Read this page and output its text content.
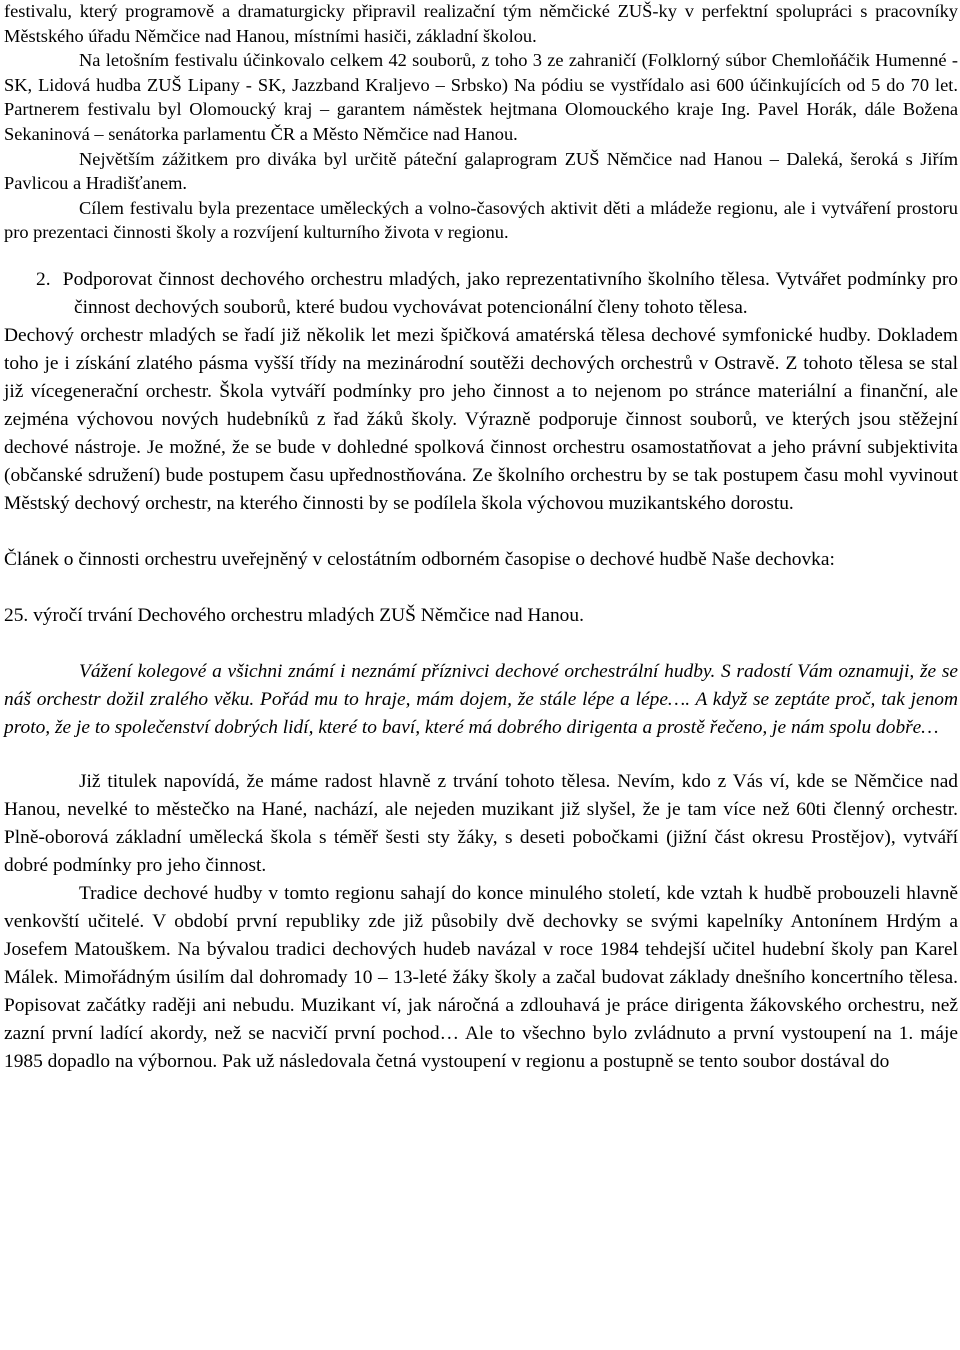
festivalu, který programově a dramaturgicky připravil realizační tým němčické ZUŠ-ky v perfektní spolupráci s pracovníky Městského úřadu Němčice nad Hanou, místními hasiči, základní školou.

Na letošním festivalu účinkovalo celkem 42 souborů, z toho 3 ze zahraničí (Folklorný súbor Chemloňáčik Humenné - SK, Lidová hudba ZUŠ Lipany - SK, Jazzband Kraljevo – Srbsko) Na pódiu se vystřídalo asi 600 účinkujících od 5 do 70 let. Partnerem festivalu byl Olomoucký kraj – garantem náměstek hejtmana Olomouckého kraje Ing. Pavel Horák, dále Božena Sekaninová – senátorka parlamentu ČR a Město Němčice nad Hanou.

Největším zážitkem pro diváka byl určitě páteční galaprogram ZUŠ Němčice nad Hanou – Daleká, šeroká s Jiřím Pavlicou a Hradišťanem.

Cílem festivalu byla prezentace uměleckých a volno-časových aktivit děti a mládeže regionu, ale i vytváření prostoru pro prezentaci činnosti školy a rozvíjení kulturního života v regionu.

2. Podporovat činnost dechového orchestru mladých, jako reprezentativního školního tělesa. Vytvářet podmínky pro činnost dechových souborů, které budou vychovávat potencionální členy tohoto tělesa.

Dechový orchestr mladých se řadí již několik let mezi špičková amatérská tělesa dechové symfonické hudby. Dokladem toho je i získání zlatého pásma vyšší třídy na mezinárodní soutěži dechových orchestrů v Ostravě. Z tohoto tělesa se stal již vícegenerační orchestr. Škola vytváří podmínky pro jeho činnost a to nejenom po stránce materiální a finanční, ale zejména výchovou nových hudebníků z řad žáků školy. Výrazně podporuje činnost souborů, ve kterých jsou stěžejní dechové nástroje. Je možné, že se bude v dohledné spolková činnost orchestru osamostatňovat a jeho právní subjektivita (občanské sdružení) bude postupem času upřednostňována. Ze školního orchestru by se tak postupem času mohl vyvinout Městský dechový orchestr, na kterého činnosti by se podílela škola výchovou muzikantského dorostu.

Článek o činnosti orchestru uveřejněný v celostátním odborném časopise o dechové hudbě Naše dechovka:

25. výročí trvání Dechového orchestru mladých ZUŠ Němčice nad Hanou.

Vážení kolegové a všichni známí i neznámí příznivci dechové orchestrální hudby. S radostí Vám oznamuji, že se náš orchestr dožil zralého věku. Pořád mu to hraje, mám dojem, že stále lépe a lépe…. A když se zeptáte proč, tak jenom proto, že je to společenství dobrých lidí, které to baví, které má dobrého dirigenta a prostě řečeno, je nám spolu dobře…

Již titulek napovídá, že máme radost hlavně z trvání tohoto tělesa. Nevím, kdo z Vás ví, kde se Němčice nad Hanou, nevelké to městečko na Hané, nachází, ale nejeden muzikant již slyšel, že je tam více než 60ti členný orchestr. Plně-oborová základní umělecká škola s téměř šesti sty žáky, s deseti pobočkami (jižní část okresu Prostějov), vytváří dobré podmínky pro jeho činnost.

Tradice dechové hudby v tomto regionu sahají do konce minulého století, kde vztah k hudbě probouzeli hlavně venkovští učitelé. V období první republiky zde již působily dvě dechovky se svými kapelníky Antonínem Hrdým a Josefem Matouškem. Na bývalou tradici dechových hudeb navázal v roce 1984 tehdejší učitel hudební školy pan Karel Málek. Mimořádným úsilím dal dohromady 10 – 13-leté žáky školy a začal budovat základy dnešního koncertního tělesa. Popisovat začátky raději ani nebudu. Muzikant ví, jak náročná a zdlouhavá je práce dirigenta žákovského orchestru, než zazní první ladící akordy, než se nacvičí první pochod… Ale to všechno bylo zvládnuto a první vystoupení na 1. máje 1985 dopadlo na výbornou. Pak už následovala četná vystoupení v regionu a postupně se tento soubor dostával do
